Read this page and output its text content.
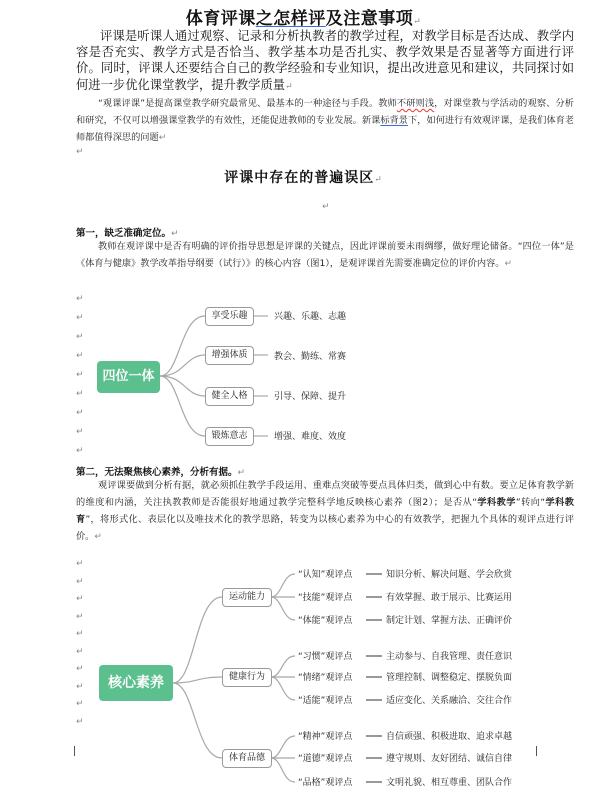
体育评课之怎样评及注意事项↵

评课是听课人通过观察、记录和分析执教者的教学过程，对教学目标是否达成、教学内容是否充实、教学方式是否恰当、教学基本功是否扎实、教学效果是否显著等方面进行评价。同时，评课人还要结合自己的教学经验和专业知识，提出改进意见和建议，共同探讨如何进一步优化课堂教学，提升教学质量↵

“观课评课”是提高课堂教学研究最常见、最基本的一种途径与手段。教师不研则浅，对课堂教与学活动的观察、分析和研究，不仅可以增强课堂教学的有效性，还能促进教师的专业发展。新课标背景下，如何进行有效观评课，是我们体育老师都值得深思的问题↵

↵
评课中存在的普遍误区↵
↵
第一，缺乏准确定位。↵

教师在观评课中是否有明确的评价指导思想是评课的关键点，因此评课前要未雨绸缪，做好理论储备。“四位一体”是《体育与健康》教学改革指导纲要（试行）》的核心内容（图1），是观评课首先需要准确定位的评价内容。↵

↵
↵
↵
↵
↵
↵
↵
↵
↵
四位一体
享受乐趣
增强体质
健全人格
锻炼意志
兴趣、乐趣、志趣
教会、勤练、常赛
引导、保障、提升
增强、难度、效度
第二，无法聚焦核心素养，分析有据。↵

观评课要做到分析有据，就必须抓住教学手段运用、重难点突破等要点具体归类，做到心中有数。要立足体育教学新的维度和内涵，关注执教教师是否能很好地通过教学完整科学地反映核心素养（图2）；是否从“学科教学”转向“学科教育”，将形式化、表层化以及唯技术化的教学思路，转变为以核心素养为中心的有效教学，把握九个具体的观评点进行评价。↵

↵
↵
↵
↵
↵
↵
↵
↵
↵
↵
核心素养
运动能力
健康行为
体育品德
“认知”观评点
“技能”观评点
“体能”观评点
“习惯”观评点
“情绪”观评点
“适能”观评点
“精神”观评点
“道德”观评点
“品格”观评点
知识分析、解决问题、学会欣赏
有效掌握、敢于展示、比赛运用
制定计划、掌握方法、正确评价
主动参与、自我管理、责任意识
管理控制、调整稳定、摆脱负面
适应变化、关系融洽、交往合作
自信顽强、积极进取、追求卓越
遵守规则、友好团结、诚信自律
文明礼貌、相互尊重、团队合作
